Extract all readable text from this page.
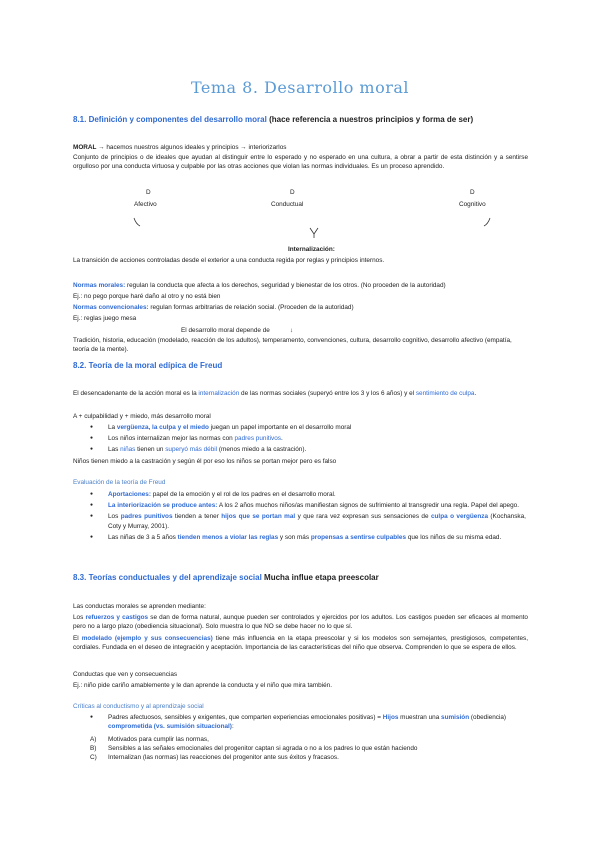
Tema 8. Desarrollo moral

8.1. Definición y componentes del desarrollo moral (hace referencia a nuestros principios y forma de ser)

MORAL → hacemos nuestros algunos ideales y principios → interiorizarlos

Conjunto de principios o de ideales que ayudan al distinguir entre lo esperado y no esperado en una cultura, a obrar a partir de esta distinción y a sentirse orgulloso por una conducta virtuosa y culpable por las otras acciones que violan las normas individuales. Es un proceso aprendido.

D
Afectivo
D
Conductual
D
Cognitivo

Internalización:

La transición de acciones controladas desde el exterior a una conducta regida por reglas y principios internos.

Normas morales: regulan la conducta que afecta a los derechos, seguridad y bienestar de los otros. (No proceden de la autoridad)

Ej.: no pego porque haré daño al otro y no está bien

Normas convencionales: regulan formas arbitrarias de relación social. (Proceden de la autoridad)

Ej.: reglas juego mesa

El desarrollo moral depende de	↓

Tradición, historia, educación (modelado, reacción de los adultos), temperamento, convenciones, cultura, desarrollo cognitivo, desarrollo afectivo (empatía, teoría de la mente).

8.2. Teoría de la moral edípica de Freud

El desencadenante de la acción moral es la internalización de las normas sociales (superyó entre los 3 y los 6 años) y el sentimiento de culpa.

A + culpabilidad y + miedo, más desarrollo moral

● La vergüenza, la culpa y el miedo juegan un papel importante en el desarrollo moral
● Los niños internalizan mejor las normas con padres punitivos.
● Las niñas tienen un superyó más débil (menos miedo a la castración).

Niños tienen miedo a la castración y según él por eso los niños se portan mejor pero es falso

Evaluación de la teoría de Freud

● Aportaciones: papel de la emoción y el rol de los padres en el desarrollo moral.
● La interiorización se produce antes: A los 2 años muchos niños/as manifiestan signos de sufrimiento al transgredir una regla. Papel del apego.
● Los padres punitivos tienden a tener hijos que se portan mal y que rara vez expresan sus sensaciones de culpa o vergüenza (Kochanska, Coty y Murray, 2001).
● Las niñas de 3 a 5 años tienden menos a violar las reglas y son más propensas a sentirse culpables que los niños de su misma edad.

8.3. Teorías conductuales y del aprendizaje social Mucha influe etapa preescolar

Las conductas morales se aprenden mediante:

Los refuerzos y castigos se dan de forma natural, aunque pueden ser controlados y ejercidos por los adultos. Los castigos pueden ser eficaces al momento pero no a largo plazo (obediencia situacional). Solo muestra lo que NO se debe hacer no lo que sí.

El modelado (ejemplo y sus consecuencias) tiene más influencia en la etapa preescolar y si los modelos son semejantes, prestigiosos, competentes, cordiales. Fundada en el deseo de integración y aceptación. Importancia de las características del niño que observa. Comprenden lo que se espera de ellos.

Conductas que ven y consecuencias

Ej.: niño pide cariño amablemente y le dan aprende la conducta y el niño que mira también.

Críticas al conductismo y al aprendizaje social

● Padres afectuosos, sensibles y exigentes, que comparten experiencias emocionales positivas) = Hijos muestran una sumisión (obediencia) comprometida (vs. sumisión situacional):
A) Motivados para cumplir las normas,
B) Sensibles a las señales emocionales del progenitor captan si agrada o no a los padres lo que están haciendo
C) Internalizan (las normas) las reacciones del progenitor ante sus éxitos y fracasos.
